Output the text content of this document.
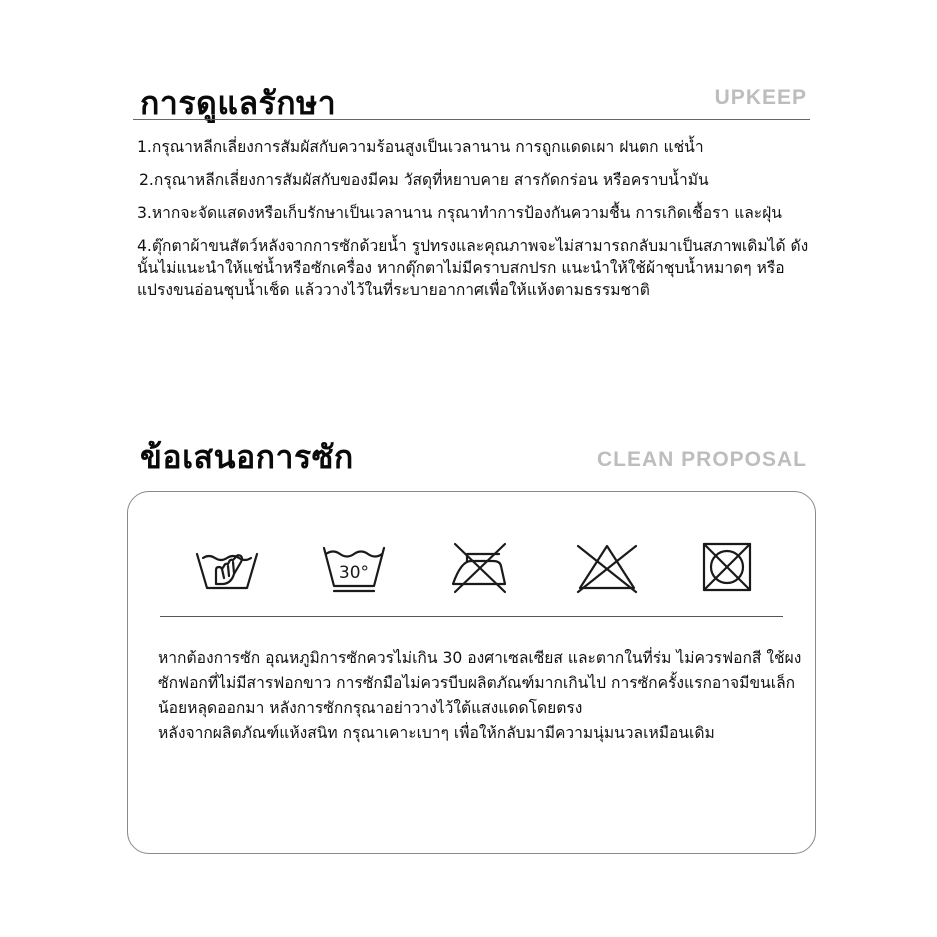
การดูแลรักษา	UPKEEP
1.กรุณาหลีกเลี่ยงการสัมผัสกับความร้อนสูงเป็นเวลานาน การถูกแดดเผา ฝนตก แช่น้ำ
2.กรุณาหลีกเลี่ยงการสัมผัสกับของมีคม วัสดุที่หยาบคาย สารกัดกร่อน หรือคราบน้ำมัน
3.หากจะจัดแสดงหรือเก็บรักษาเป็นเวลานาน กรุณาทำการป้องกันความชื้น การเกิดเชื้อรา และฝุ่น
4.ตุ๊กตาผ้าขนสัตว์หลังจากการซักด้วยน้ำ รูปทรงและคุณภาพจะไม่สามารถกลับมาเป็นสภาพเดิมได้ ดังนั้นไม่แนะนำให้แช่น้ำหรือซักเครื่อง หากตุ๊กตาไม่มีคราบสกปรก แนะนำให้ใช้ผ้าชุบน้ำหมาดๆ หรือแปรงขนอ่อนชุบน้ำเช็ด แล้ววางไว้ในที่ระบายอากาศเพื่อให้แห้งตามธรรมชาติ
ข้อเสนอการซัก	CLEAN PROPOSAL
30°

หากต้องการซัก อุณหภูมิการซักควรไม่เกิน 30 องศาเซลเซียส และตากในที่ร่ม ไม่ควรฟอกสี ใช้ผงซักฟอกที่ไม่มีสารฟอกขาว การซักมือไม่ควรบีบผลิตภัณฑ์มากเกินไป การซักครั้งแรกอาจมีขนเล็กน้อยหลุดออกมา หลังการซักกรุณาอย่าวางไว้ใต้แสงแดดโดยตรง
หลังจากผลิตภัณฑ์แห้งสนิท กรุณาเคาะเบาๆ เพื่อให้กลับมามีความนุ่มนวลเหมือนเดิม
